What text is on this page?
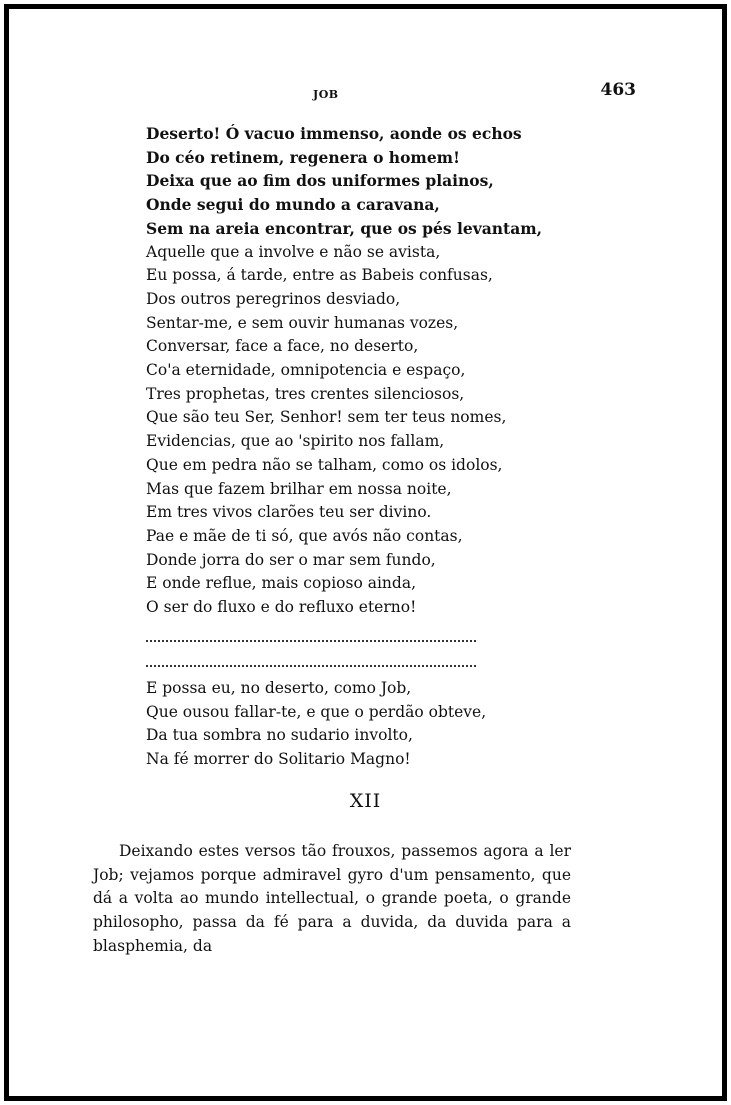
JOB	463
Deserto! Ó vacuo immenso, aonde os echos
Do céo retinem, regenera o homem!
Deixa que ao fim dos uniformes plainos,
Onde segui do mundo a caravana,
Sem na areia encontrar, que os pés levantam,
Aquelle que a involve e não se avista,
Eu possa, á tarde, entre as Babeis confusas,
Dos outros peregrinos desviado,
Sentar-me, e sem ouvir humanas vozes,
Conversar, face a face, no deserto,
Co'a eternidade, omnipotencia e espaço,
Tres prophetas, tres crentes silenciosos,
Que são teu Ser, Senhor! sem ter teus nomes,
Evidencias, que ao 'spirito nos fallam,
Que em pedra não se talham, como os idolos,
Mas que fazem brilhar em nossa noite,
Em tres vivos clarões teu ser divino.
Pae e mãe de ti só, que avós não contas,
Donde jorra do ser o mar sem fundo,
E onde reflue, mais copioso ainda,
O ser do fluxo e do refluxo eterno!
E possa eu, no deserto, como Job,
Que ousou fallar-te, e que o perdão obteve,
Da tua sombra no sudario involto,
Na fé morrer do Solitario Magno!
XII
Deixando estes versos tão frouxos, passemos agora a ler Job; vejamos porque admiravel gyro d'um pensamento, que dá a volta ao mundo intellectual, o grande poeta, o grande philosopho, passa da fé para a duvida, da duvida para a blasphemia, da
